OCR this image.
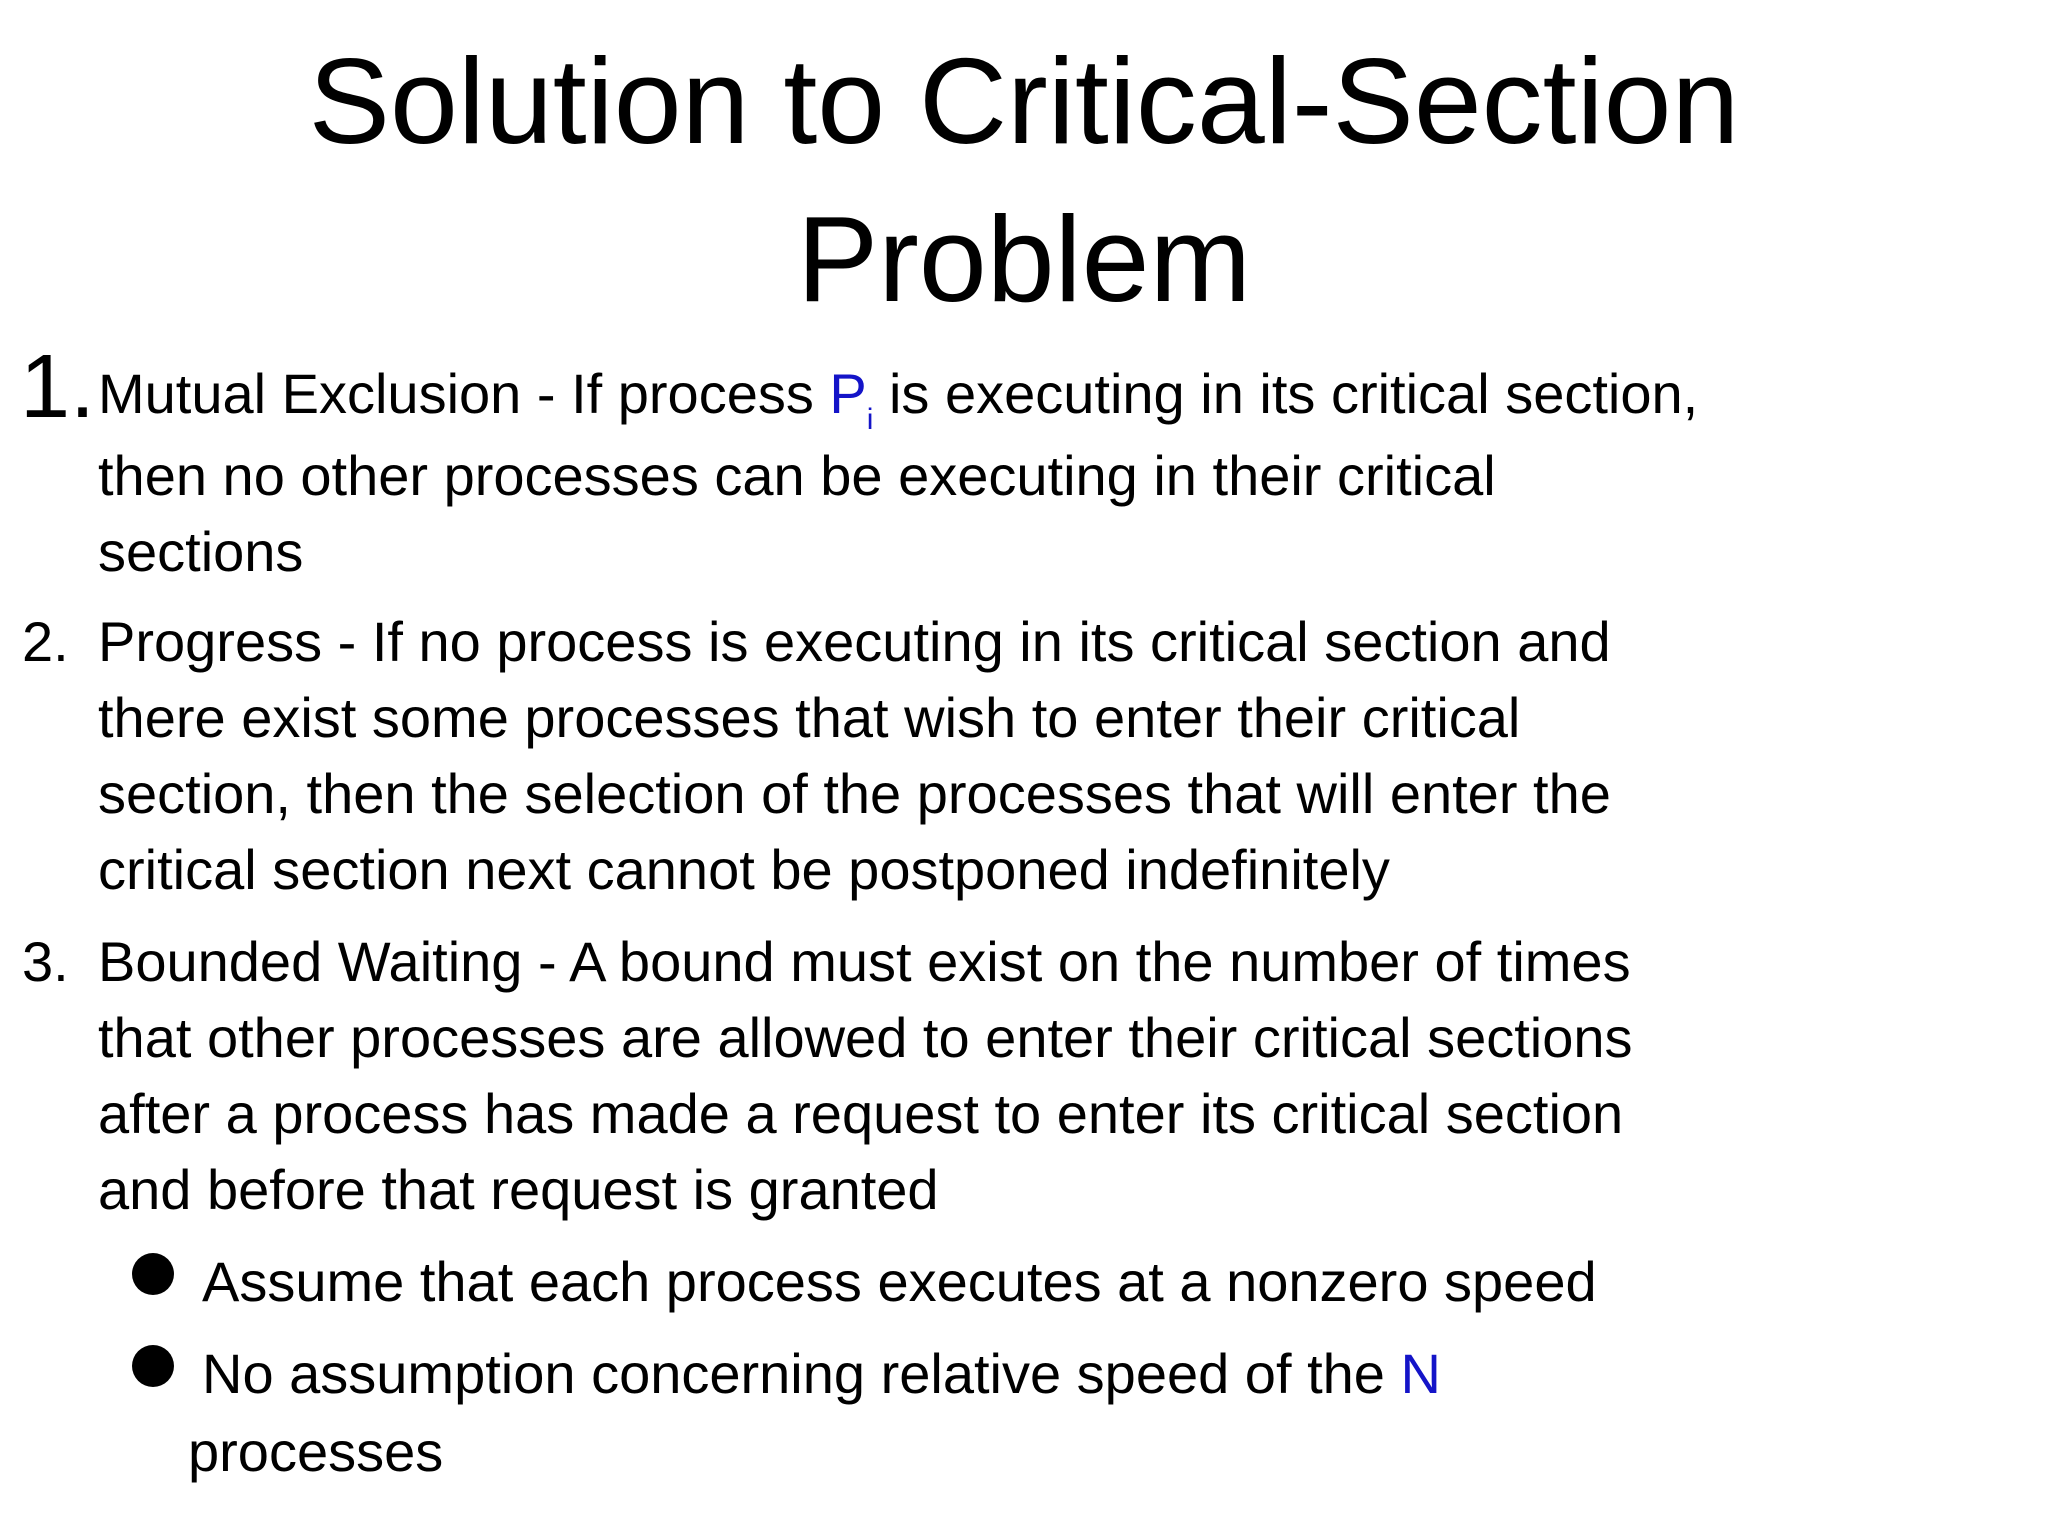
Solution to Critical-Section
Problem
1. Mutual Exclusion - If process $P_i$ is executing in its critical section,
then no other processes can be executing in their critical
sections
2. Progress - If no process is executing in its critical section and
there exist some processes that wish to enter their critical
section, then the selection of the processes that will enter the
critical section next cannot be postponed indefinitely
3. Bounded Waiting - A bound must exist on the number of times
that other processes are allowed to enter their critical sections
after a process has made a request to enter its critical section
and before that request is granted
Assume that each process executes at a nonzero speed
No assumption concerning relative speed of the N
processes
